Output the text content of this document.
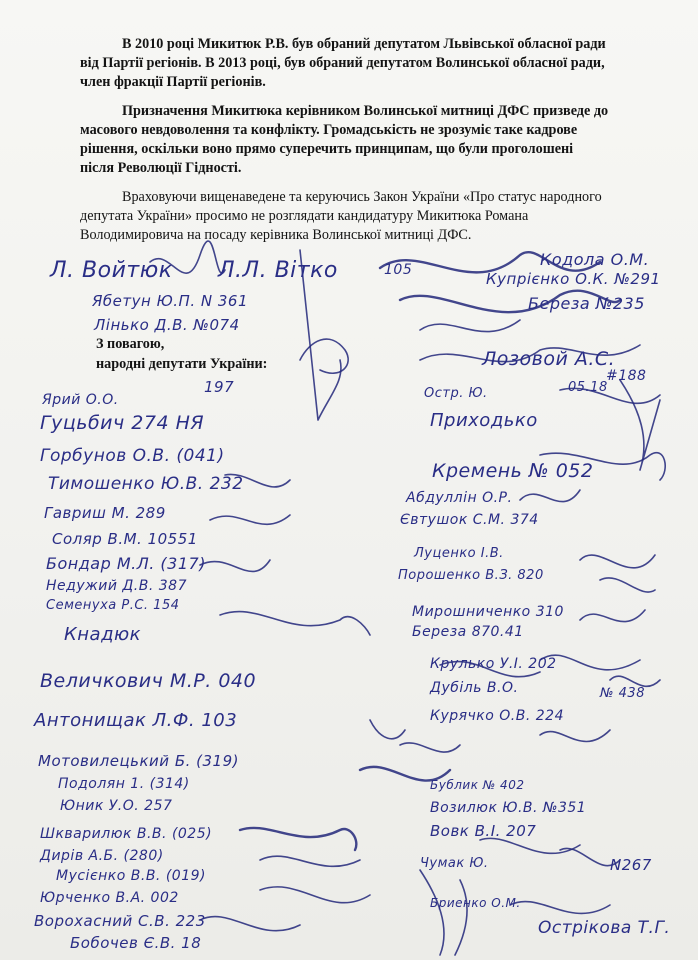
В 2010 році Микитюк Р.В. був обраний депутатом Львівської обласної ради
від Партії регіонів. В 2013 році, був обраний депутатом Волинської обласної ради,
член фракції Партії регіонів.
Призначення Микитюка керівником Волинської митниці ДФС призведе до
масового невдоволення та конфлікту. Громадськість не зрозуміє таке кадрове
рішення, оскільки воно прямо суперечить принципам, що були проголошені
після Революції Гідності.
Враховуючи вищенаведене та керуючись Закон України «Про статус народного
депутата України» просимо не розглядати кандидатуру Микитюка Романа
Володимировича на посаду керівника Волинської митниці ДФС.
З повагою,
народні депутати України:
Л. Войтюк Л.Л. Вітко
Ябетун Ю.П. N 361
Лінько Д.В. №074
Ярий О.О.
197
Гуцьбич 274 НЯ
Горбунов О.В. (041)
Тимошенко Ю.В. 232
Гавриш М. 289
Соляр В.М. 10551
Бондар М.Л. (317)
Недужий Д.В. 387
Семенуха Р.С. 154
Кнадюк
Величкович М.Р. 040
Антонищак Л.Ф. 103
Мотовилецький Б. (319)
Подолян 1. (314)
Юник У.О. 257
Шкварилюк В.В. (025)
Дирів А.Б. (280)
Мусієнко В.В. (019)
Юрченко В.А. 002
Ворохасний С.В. 223
Бобочев Є.В. 18
105
Кодола О.М.
Купрієнко О.К. №291
Береза №235
Лозовой А.С.
#188
Остр. Ю.	05.18
Приходько
Кремень № 052
Абдуллін О.Р.
Євтушок С.М. 374
Луценко І.В.
Порошенко В.З. 820
Мирошниченко 310
Береза 870.41
Крулько У.І. 202
Дубіль В.О.	№ 438
Курячко О.В. 224
Бублик № 402
Возилюк Ю.В. №351
Вовк В.І. 207
Чумак Ю.	N267
Бриенко О.М.
Острікова Т.Г.
